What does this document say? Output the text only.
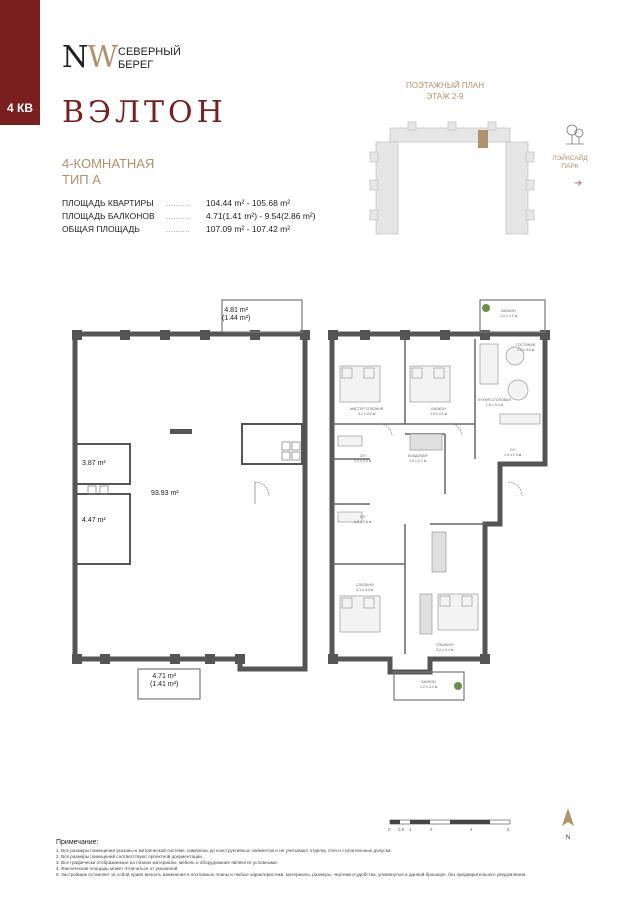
4 КВ
NW СЕВЕРНЫЙ
БЕРЕГ
ВЭЛТОН
ПОЭТАЖНЫЙ ПЛАН
ЭТАЖ 2-9
ЛЭЙКСАЙД
ПАРК
➜
4-КОМНАТНАЯ
ТИП А
ПЛОЩАДЬ КВАРТИРЫ	..........	104.44 m² - 105.68 m²
ПЛОЩАДЬ БАЛКОНОВ	..........	4.71(1.41 m²) - 9.54(2.86 m²)
ОБЩАЯ ПЛОЩАДЬ	..........	107.09 m² - 107.42 m²
4.81 m²
(1.44 m²)
93.93 m²
3.87 m²
4.47 m²
4.71 m²
(1.41 m²)
БАЛКОН
1.2 x 4.1 м
ГОСТИНАЯ
2.1 x 3.5 м
МАСТЕР СПАЛЬНЯ
3.1 x 4.0 м
БАЛКОН
2.9 x 4.0 м
КУХНЯ-СТОЛОВАЯ
1.8 x 3.0 м
С/У
1.9 x 2.0 м
КЛАДОВАЯ
1.6 x 2.1 м
С/У
1.4 x 1.9 м
С/У
1.8 x 2.8 м
СПАЛЬНЯ
3.1 x 4.0 м
СПАЛЬНЯ
3.2 x 3.4 м
БАЛКОН
1.2 x 3.4 м
0 0.5 1	2	4	5
N
Примечание:
1. Все размеры помещения указаны в метрической системе, измерены до конструктивных элементов и не учитывают отделку стен и строительные допуски.
2. Все размеры помещений соответствуют проектной документации.
3. Все графически отображаемые на планах материалы, мебель и оборудование являются условными.
4. Фактическая площадь может отличаться от указанной.
5. Застройщик оставляет за собой право вносить изменения в поэтажные планы и любые характеристики, материалы, размеры, чертежи и удобства, упомянутые в данной брошюре, без предварительного уведомления.
